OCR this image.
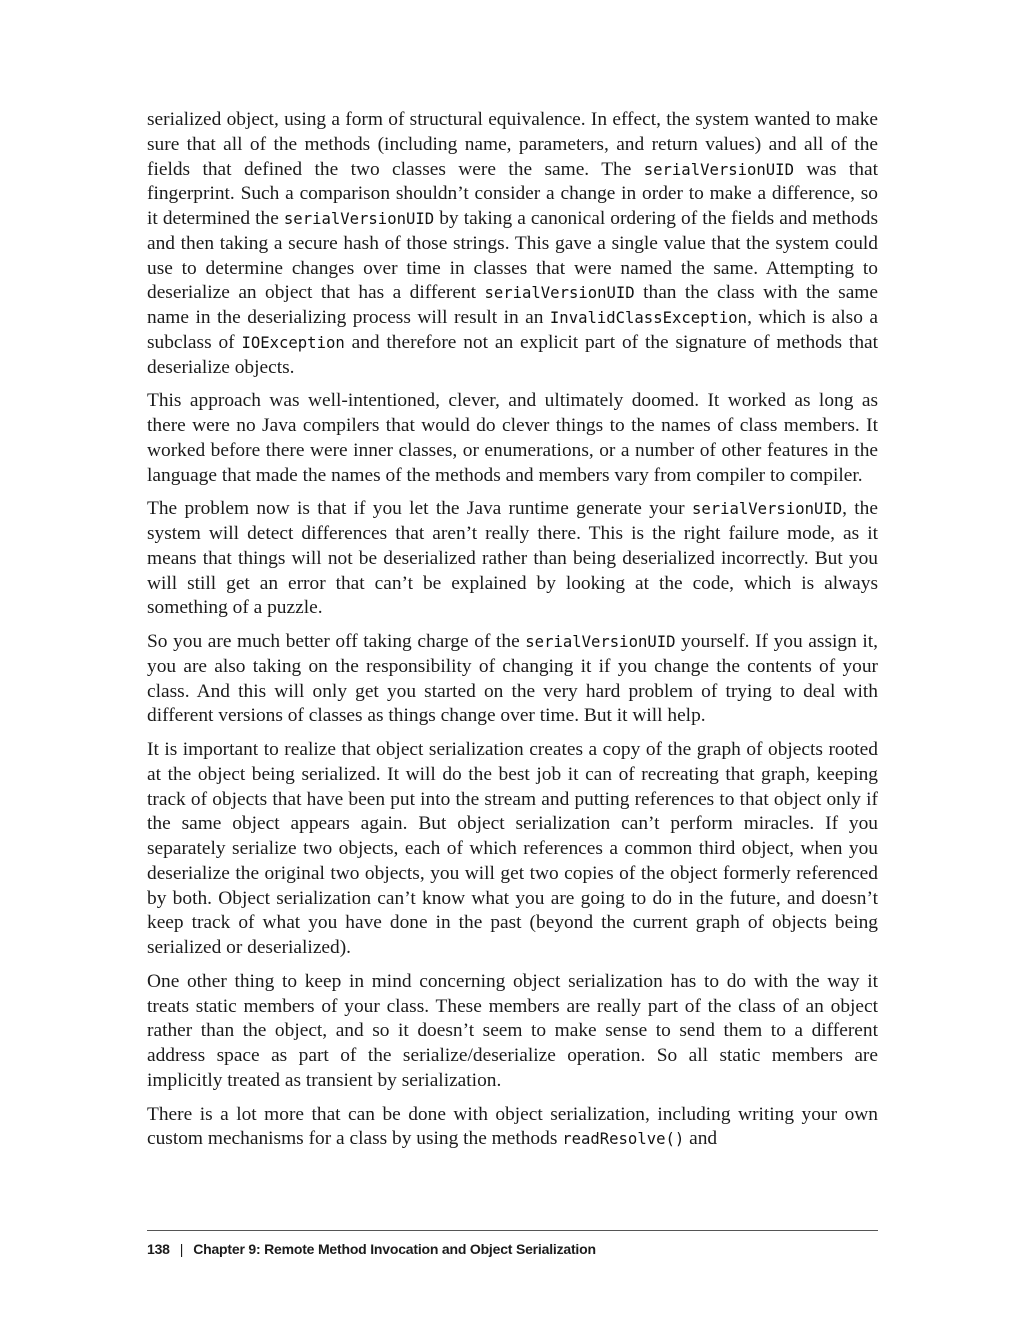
serialized object, using a form of structural equivalence. In effect, the system wanted to make sure that all of the methods (including name, parameters, and return values) and all of the fields that defined the two classes were the same. The serialVersionUID was that fingerprint. Such a comparison shouldn’t consider a change in order to make a difference, so it determined the serialVersionUID by taking a canonical ordering of the fields and methods and then taking a secure hash of those strings. This gave a single value that the system could use to determine changes over time in classes that were named the same. Attempting to deserialize an object that has a different serialVersionUID than the class with the same name in the deserializing process will result in an InvalidClassException, which is also a subclass of IOException and therefore not an explicit part of the signature of methods that deserialize objects.

This approach was well-intentioned, clever, and ultimately doomed. It worked as long as there were no Java compilers that would do clever things to the names of class members. It worked before there were inner classes, or enumerations, or a number of other features in the language that made the names of the methods and members vary from compiler to compiler.

The problem now is that if you let the Java runtime generate your serialVersionUID, the system will detect differences that aren’t really there. This is the right failure mode, as it means that things will not be deserialized rather than being deserialized incorrectly. But you will still get an error that can’t be explained by looking at the code, which is always something of a puzzle.

So you are much better off taking charge of the serialVersionUID yourself. If you assign it, you are also taking on the responsibility of changing it if you change the contents of your class. And this will only get you started on the very hard problem of trying to deal with different versions of classes as things change over time. But it will help.

It is important to realize that object serialization creates a copy of the graph of objects rooted at the object being serialized. It will do the best job it can of recreating that graph, keeping track of objects that have been put into the stream and putting references to that object only if the same object appears again. But object serialization can’t perform miracles. If you separately serialize two objects, each of which references a common third object, when you deserialize the original two objects, you will get two copies of the object formerly referenced by both. Object serialization can’t know what you are going to do in the future, and doesn’t keep track of what you have done in the past (beyond the current graph of objects being serialized or deserialized).

One other thing to keep in mind concerning object serialization has to do with the way it treats static members of your class. These members are really part of the class of an object rather than the object, and so it doesn’t seem to make sense to send them to a different address space as part of the serialize/deserialize operation. So all static members are implicitly treated as transient by serialization.

There is a lot more that can be done with object serialization, including writing your own custom mechanisms for a class by using the methods readResolve() and

138 | Chapter 9: Remote Method Invocation and Object Serialization
